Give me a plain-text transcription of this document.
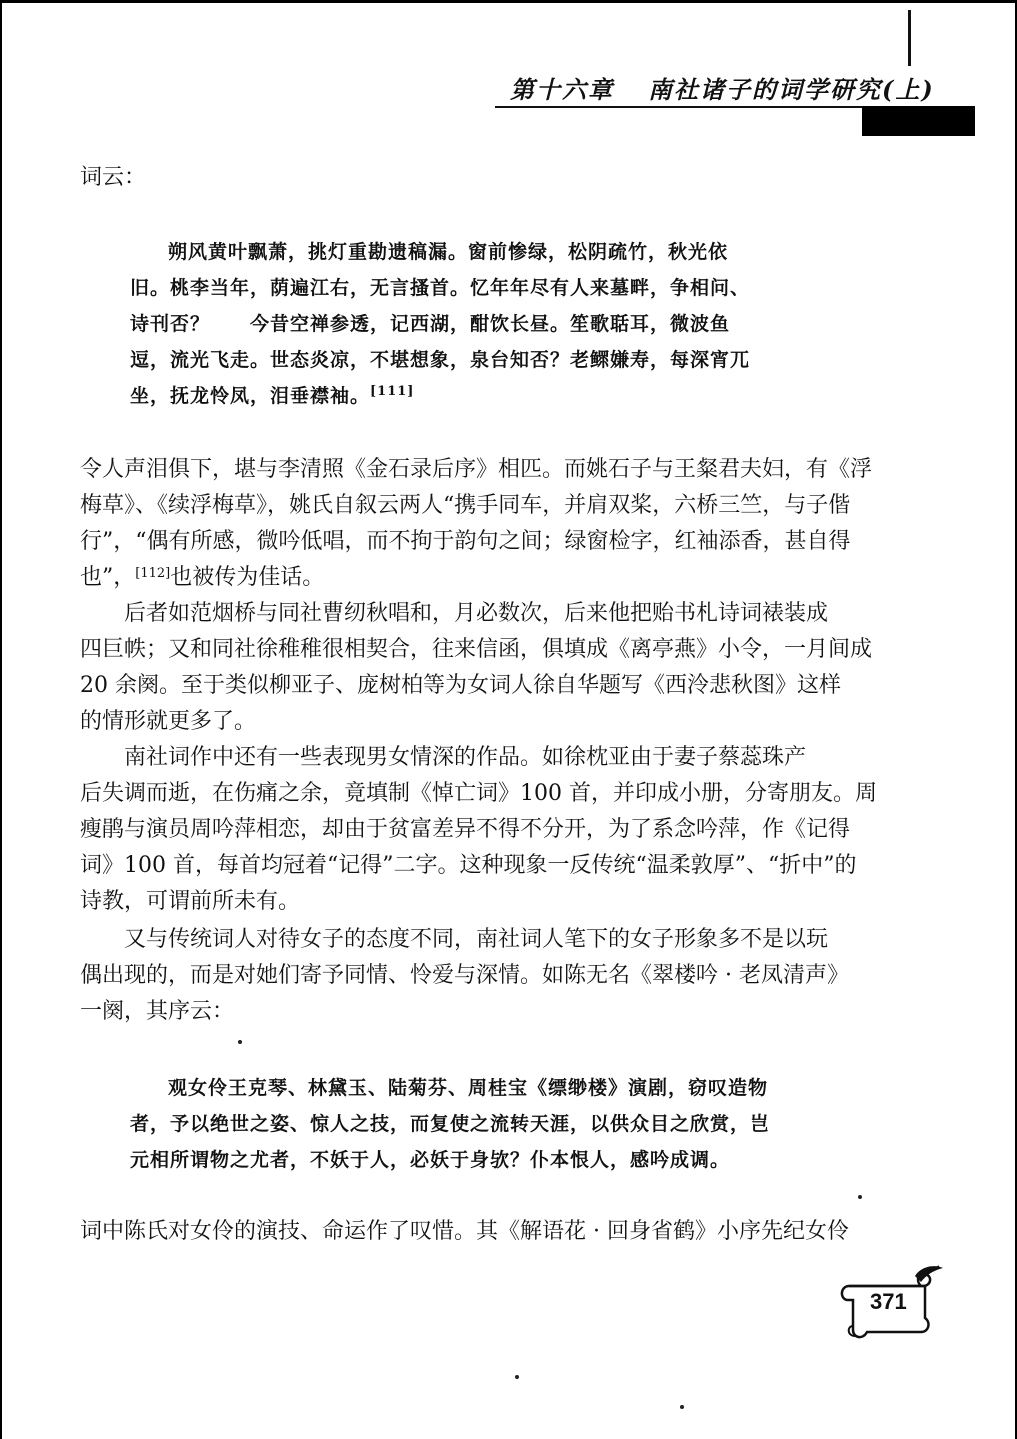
第十六章 南社诸子的词学研究(上)
词云：
朔风黄叶飘萧，挑灯重勘遗稿漏。窗前惨绿，松阴疏竹，秋光依
旧。桃李当年，荫遍江右，无言搔首。忆年年尽有人来墓畔，争相问、
诗刊否？　　今昔空禅参透，记西湖，酣饮长昼。笙歌聒耳，微波鱼
逗，流光飞走。世态炎凉，不堪想象，泉台知否？老鳏嫌寿，每深宵兀
坐，抚龙怜凤，泪垂襟袖。[111]
令人声泪俱下，堪与李清照《金石录后序》相匹。而姚石子与王粲君夫妇，有《浮
梅草》、《续浮梅草》，姚氏自叙云两人“携手同车，并肩双桨，六桥三竺，与子偕
行”，“偶有所感，微吟低唱，而不拘于韵句之间；绿窗检字，红袖添香，甚自得
也”，[112]也被传为佳话。
　　后者如范烟桥与同社曹纫秋唱和，月必数次，后来他把贻书札诗词裱装成
四巨帙；又和同社徐稚稚很相契合，往来信函，俱填成《离亭燕》小令，一月间成
20 余阕。至于类似柳亚子、庞树柏等为女词人徐自华题写《西泠悲秋图》这样
的情形就更多了。
　　南社词作中还有一些表现男女情深的作品。如徐枕亚由于妻子蔡蕊珠产
后失调而逝，在伤痛之余，竟填制《悼亡词》100 首，并印成小册，分寄朋友。周
瘦鹃与演员周吟萍相恋，却由于贫富差异不得不分开，为了系念吟萍，作《记得
词》100 首，每首均冠着“记得”二字。这种现象一反传统“温柔敦厚”、“折中”的
诗教，可谓前所未有。
　　又与传统词人对待女子的态度不同，南社词人笔下的女子形象多不是以玩
偶出现的，而是对她们寄予同情、怜爱与深情。如陈无名《翠楼吟 · 老凤清声》
一阕，其序云：
观女伶王克琴、林黛玉、陆菊芬、周桂宝《缥缈楼》演剧，窃叹造物
者，予以绝世之姿、惊人之技，而复使之流转天涯，以供众目之欣赏，岂
元相所谓物之尤者，不妖于人，必妖于身欤？仆本恨人，感吟成调。
词中陈氏对女伶的演技、命运作了叹惜。其《解语花 · 回身省鹤》小序先纪女伶
371
